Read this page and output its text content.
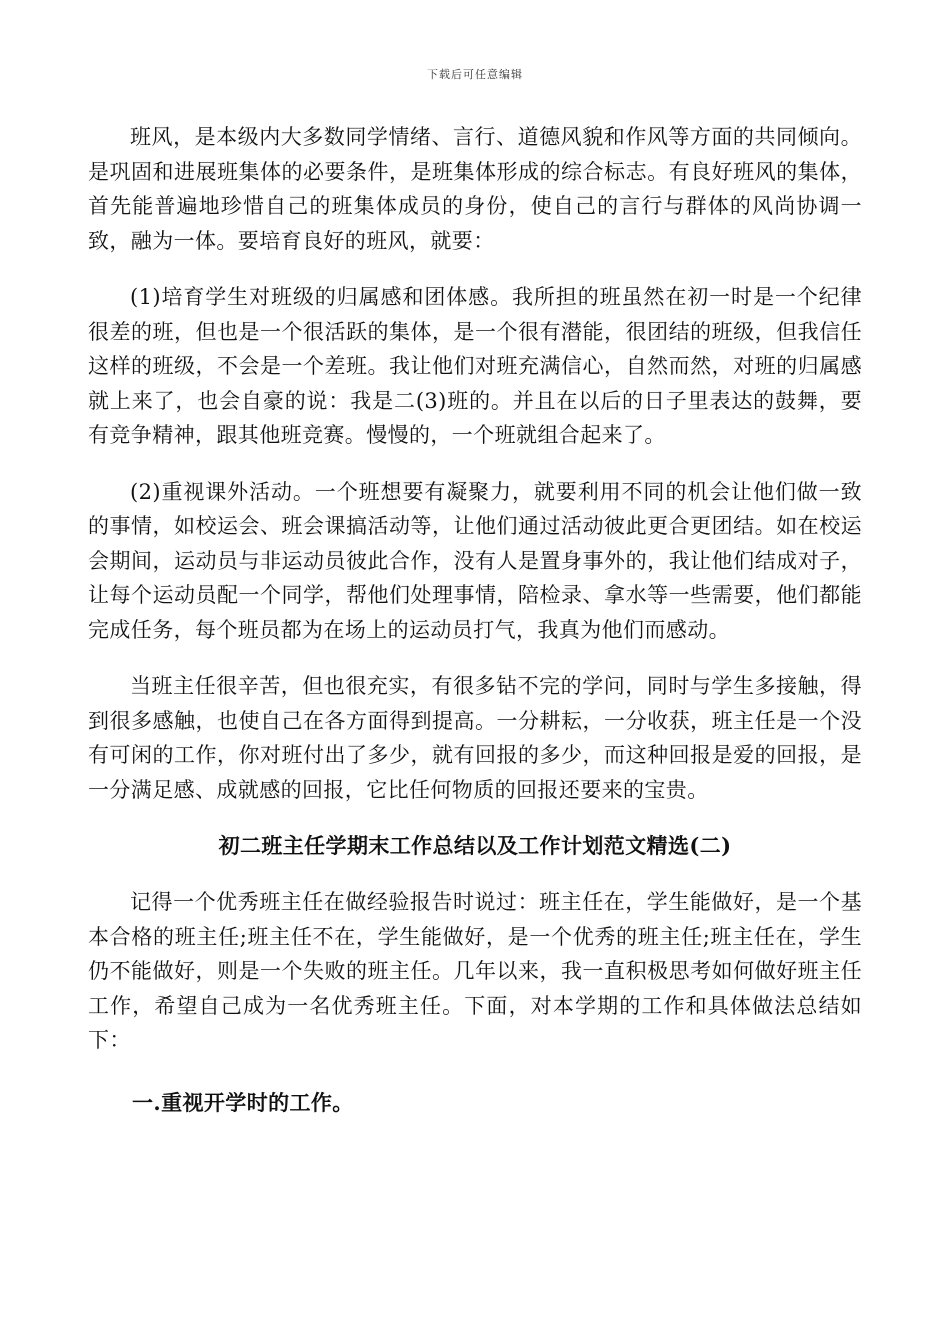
下载后可任意编辑

班风，是本级内大多数同学情绪、言行、道德风貌和作风等方面的共同倾向。是巩固和进展班集体的必要条件，是班集体形成的综合标志。有良好班风的集体，首先能普遍地珍惜自己的班集体成员的身份，使自己的言行与群体的风尚协调一致，融为一体。要培育良好的班风，就要：

(1)培育学生对班级的归属感和团体感。我所担的班虽然在初一时是一个纪律很差的班，但也是一个很活跃的集体，是一个很有潜能，很团结的班级，但我信任这样的班级，不会是一个差班。我让他们对班充满信心，自然而然，对班的归属感就上来了，也会自豪的说：我是二(3)班的。并且在以后的日子里表达的鼓舞，要有竞争精神，跟其他班竞赛。慢慢的，一个班就组合起来了。

(2)重视课外活动。一个班想要有凝聚力，就要利用不同的机会让他们做一致的事情，如校运会、班会课搞活动等，让他们通过活动彼此更合更团结。如在校运会期间，运动员与非运动员彼此合作，没有人是置身事外的，我让他们结成对子，让每个运动员配一个同学，帮他们处理事情，陪检录、拿水等一些需要，他们都能完成任务，每个班员都为在场上的运动员打气，我真为他们而感动。

当班主任很辛苦，但也很充实，有很多钻不完的学问，同时与学生多接触，得到很多感触，也使自己在各方面得到提高。一分耕耘，一分收获，班主任是一个没有可闲的工作，你对班付出了多少，就有回报的多少，而这种回报是爱的回报，是一分满足感、成就感的回报，它比任何物质的回报还要来的宝贵。

初二班主任学期末工作总结以及工作计划范文精选(二)

记得一个优秀班主任在做经验报告时说过：班主任在，学生能做好，是一个基本合格的班主任;班主任不在，学生能做好，是一个优秀的班主任;班主任在，学生仍不能做好，则是一个失败的班主任。几年以来，我一直积极思考如何做好班主任工作，希望自己成为一名优秀班主任。下面，对本学期的工作和具体做法总结如下：

一.重视开学时的工作。
